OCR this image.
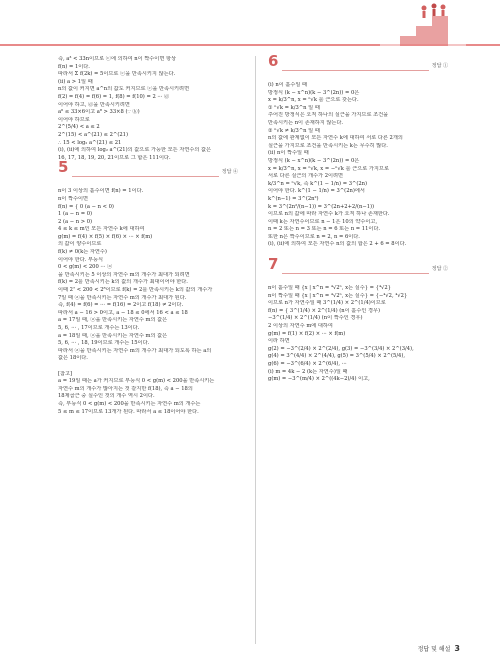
즉, a³ < 33n이므로 ⓒ에 의하여 n이 짝수이면 항상
f(n) = 1이다.
따라서 Σ f(2k) = 5이므로 ⓒ을 만족시키지 않는다.
(ii) a > 1일 때
n의 값이 커지면 a^n의 값도 커지므로 ⓒ을 만족시키려면
f(2) = f(4) = f(6) = 1, f(8) = f(10) = 2 ··· ⓓ
이어야 하고, ⓓ을 만족시키려면
a⁶ ≤ 33×6이고 a⁸ > 33×8 (∵ ⓑ)
이어야 하므로
2^(5/4) < a ≤ 2
2^(15) < a^(21) ≤ 2^(21)
∴ 15 < log₂ a^(21) ≤ 21
(i), (ii)에 의하여 log₂ a^(21)의 값으로 가능한 모든 자연수의 값은
16, 17, 18, 19, 20, 21이므로 그 합은 111이다.
5	정답 ④
n이 3 이상의 홀수이면 f(n) = 1이다.
n이 짝수이면
f(n) = { 0 (a − n < 0)
1 (a − n = 0)
2 (a − n > 0)
4 ≤ k ≤ m인 모든 자연수 k에 대하여
g(m) = f(4) × f(5) × f(6) × ··· × f(m)
의 값이 양수이므로
f(k) ≠ 0(k는 자연수)
이어야 한다. 부등식
0 < g(m) < 200 ··· ⓐ
을 만족시키는 5 이상의 자연수 m의 개수가 최대가 되려면
f(k) = 2를 만족시키는 k의 값의 개수가 최대이어야 한다.
이때 2⁷ < 200 < 2⁸이므로 f(k) = 2를 만족시키는 k의 값의 개수가
7일 때 ⓐ을 만족시키는 자연수 m의 개수가 최대가 된다.
즉, f(4) = f(6) = ··· = f(16) = 2이고 f(18) ≠ 2이다.
따라서 a − 16 > 0이고, a − 18 ≤ 0에서 16 < a ≤ 18
a = 17일 때, ⓐ을 만족시키는 자연수 m의 값은
5, 6, ··· , 17이므로 개수는 13이다.
a = 18일 때, ⓐ을 만족시키는 자연수 m의 값은
5, 6, ··· , 18, 19이므로 개수는 15이다.
따라서 ⓐ을 만족시키는 자연수 m의 개수가 최대가 되도록 하는 a의
값은 18이다.

[참고]
a = 19일 때는 a가 커지므로 부등식 0 < g(m) < 200을 만족시키는
자연수 m의 개수가 많아지는 것 같지만 f(18), 즉 a − 18의
18제곱근 중 실수인 것의 개수 역시 2이다.
즉, 부등식 0 < g(m) < 200을 만족시키는 자연수 m의 개수는
5 ≤ m ≤ 17이므로 13개가 된다. 따라서 a ≤ 18이어야 한다.
6	정답 ①
(i) n이 홀수일 때
방정식 (k − x^n)(k − 3^(2n)) = 0은
x = k/3^n, x = ⁿ√k 를 근으로 갖는다.
① ⁿ√k = k/3^n 일 때
주어진 방정식은 오직 하나의 실근을 가지므로 조건을
만족시키는 n이 존재하지 않는다.
② ⁿ√k ≠ k/3^n 일 때
n의 값에 관계없이 모든 자연수 k에 대하여 서로 다른 2개의
실근을 가지므로 조건을 만족시키는 k는 무수히 많다.
(ii) n이 짝수일 때
방정식 (k − x^n)(k − 3^(2n)) = 0은
x = k/3^n, x = ⁿ√k, x = −ⁿ√k 를 근으로 가지므로
서로 다른 실근의 개수가 2이려면
k/3^n = ⁿ√k, 즉 k^(1 − 1/n) = 3^(2n)
이어야 한다. k^(1 − 1/n) = 3^(2n)에서
k^(n−1) = 3^(2n²)
k = 3^(2n²/(n−1)) = 3^(2n+2+2/(n−1))
이므로 n의 값에 따라 자연수 k가 오직 하나 존재한다.
이때 k는 자연수이므로 n − 1은 10의 약수이고,
n = 2 또는 n = 3 또는 n = 6 또는 n = 11이다.
또한 n은 짝수이므로 n = 2, n = 6이다.
(i), (ii)에 의하여 모든 자연수 n의 값의 합은 2 + 6 = 8이다.
7	정답 ②
n이 홀수일 때 {x | x^n = ⁴√2ⁿ, x는 실수} = {⁴√2}
n이 짝수일 때 {x | x^n = ⁴√2ⁿ, x는 실수} = {−⁴√2, ⁴√2}
이므로 n가 자연수일 때 3^(1/4) × 2^(1/4)이므로
f(n) = { 3^(1/4) × 2^(1/4) (n이 홀수인 경우)
−3^(1/4) × 2^(1/4) (n이 짝수인 경우)
2 이상의 자연수 m에 대하여
g(m) = f(1) × f(2) × ··· × f(m)
이라 하면
g(2) = −3^(2/4) × 2^(2/4), g(3) = −3^(3/4) × 2^(3/4),
g(4) = 3^(4/4) × 2^(4/4), g(5) = 3^(5/4) × 2^(5/4),
g(6) = −3^(6/4) × 2^(6/4), ···
(i) m = 4k − 2 (k는 자연수)일 때
g(m) = −3^(m/4) × 2^((4k−2)/4) 이고,
정답 및 해설 3
